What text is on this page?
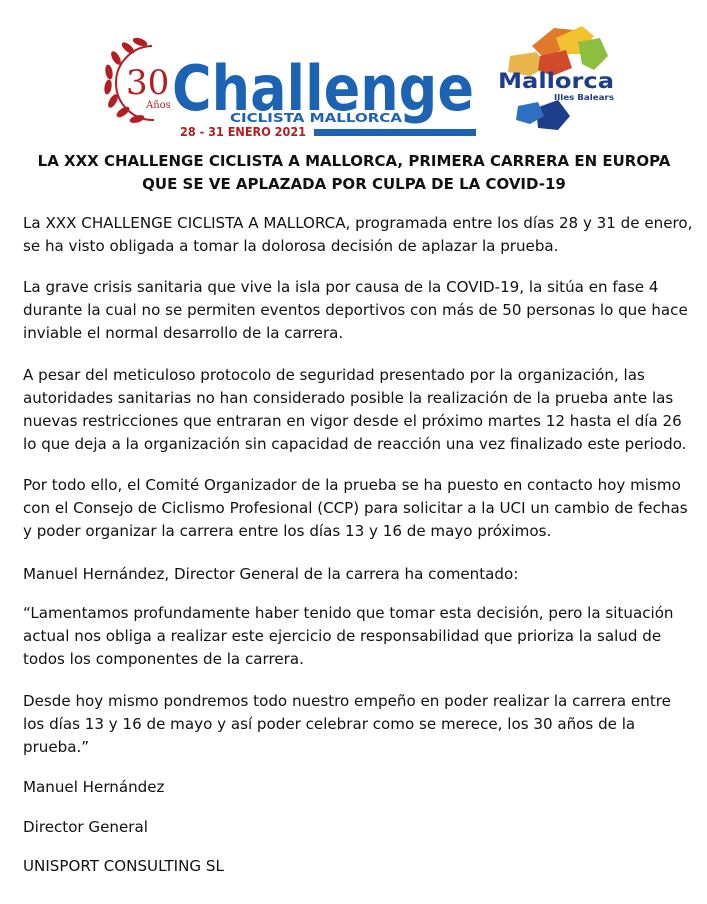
30
Años Challenge
CICLISTA MALLORCA
28 - 31 ENERO 2021
Mallorca
Illes Balears
LA XXX CHALLENGE CICLISTA A MALLORCA, PRIMERA CARRERA EN EUROPA
QUE SE VE APLAZADA POR CULPA DE LA COVID-19

La XXX CHALLENGE CICLISTA A MALLORCA, programada entre los días 28 y 31 de enero, se ha visto obligada a tomar la dolorosa decisión de aplazar la prueba.

La grave crisis sanitaria que vive la isla por causa de la COVID-19, la sitúa en fase 4 durante la cual no se permiten eventos deportivos con más de 50 personas lo que hace inviable el normal desarrollo de la carrera.

A pesar del meticuloso protocolo de seguridad presentado por la organización, las autoridades sanitarias no han considerado posible la realización de la prueba ante las nuevas restricciones que entraran en vigor desde el próximo martes 12 hasta el día 26 lo que deja a la organización sin capacidad de reacción una vez finalizado este periodo.

Por todo ello, el Comité Organizador de la prueba se ha puesto en contacto hoy mismo con el Consejo de Ciclismo Profesional (CCP) para solicitar a la UCI un cambio de fechas y poder organizar la carrera entre los días 13 y 16 de mayo próximos.

Manuel Hernández, Director General de la carrera ha comentado:

“Lamentamos profundamente haber tenido que tomar esta decisión, pero la situación actual nos obliga a realizar este ejercicio de responsabilidad que prioriza la salud de todos los componentes de la carrera.

Desde hoy mismo pondremos todo nuestro empeño en poder realizar la carrera entre los días 13 y 16 de mayo y así poder celebrar como se merece, los 30 años de la prueba.”

Manuel Hernández

Director General

UNISPORT CONSULTING SL
